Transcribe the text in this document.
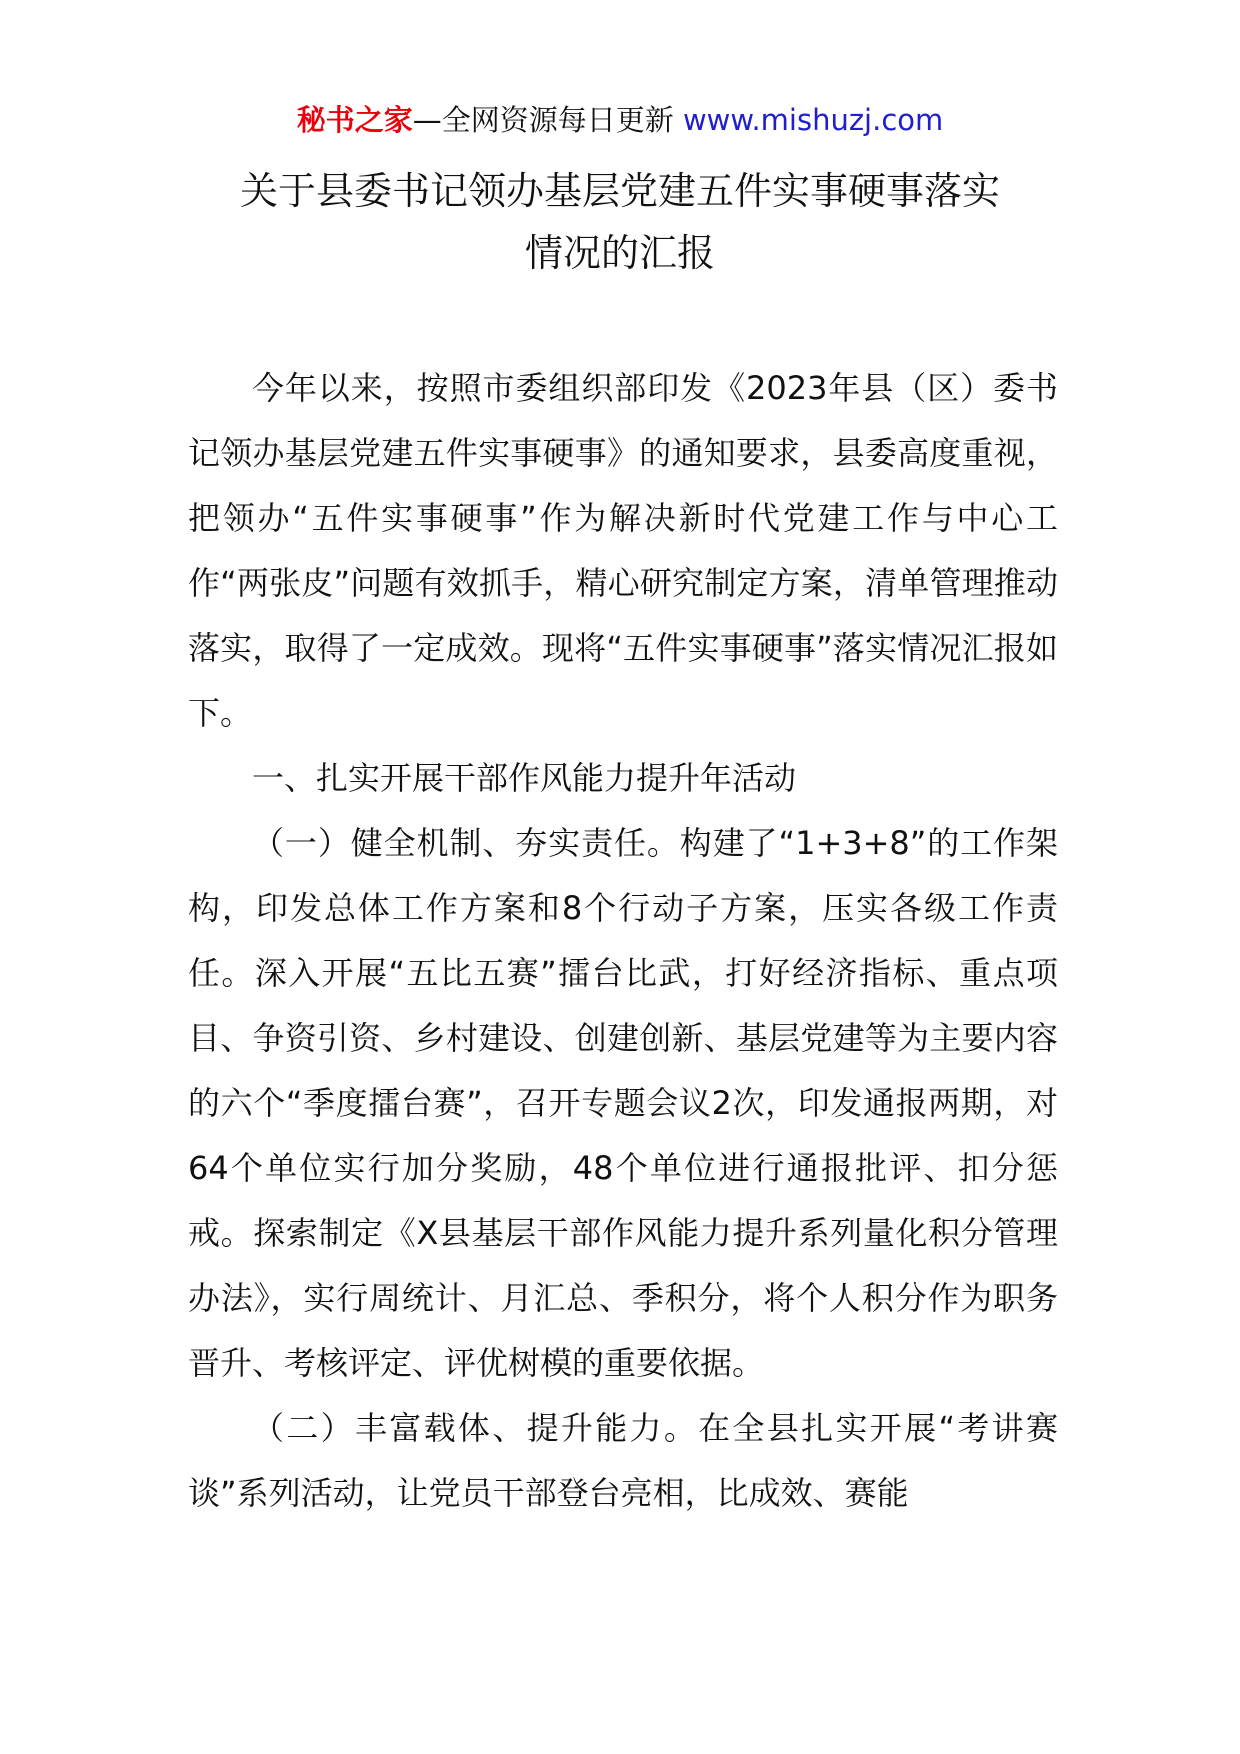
秘书之家—全网资源每日更新 www.mishuzj.com
关于县委书记领办基层党建五件实事硬事落实
情况的汇报

今年以来，按照市委组织部印发《2023年县（区）委书记领办基层党建五件实事硬事》的通知要求，县委高度重视，把领办“五件实事硬事”作为解决新时代党建工作与中心工作“两张皮”问题有效抓手，精心研究制定方案，清单管理推动落实，取得了一定成效。现将“五件实事硬事”落实情况汇报如下。

一、扎实开展干部作风能力提升年活动

（一）健全机制、夯实责任。构建了“1+3+8”的工作架构，印发总体工作方案和8个行动子方案，压实各级工作责任。深入开展“五比五赛”擂台比武，打好经济指标、重点项目、争资引资、乡村建设、创建创新、基层党建等为主要内容的六个“季度擂台赛”，召开专题会议2次，印发通报两期，对64个单位实行加分奖励，48个单位进行通报批评、扣分惩戒。探索制定《X县基层干部作风能力提升系列量化积分管理办法》，实行周统计、月汇总、季积分，将个人积分作为职务晋升、考核评定、评优树模的重要依据。

（二）丰富载体、提升能力。在全县扎实开展“考讲赛谈”系列活动，让党员干部登台亮相，比成效、赛能
